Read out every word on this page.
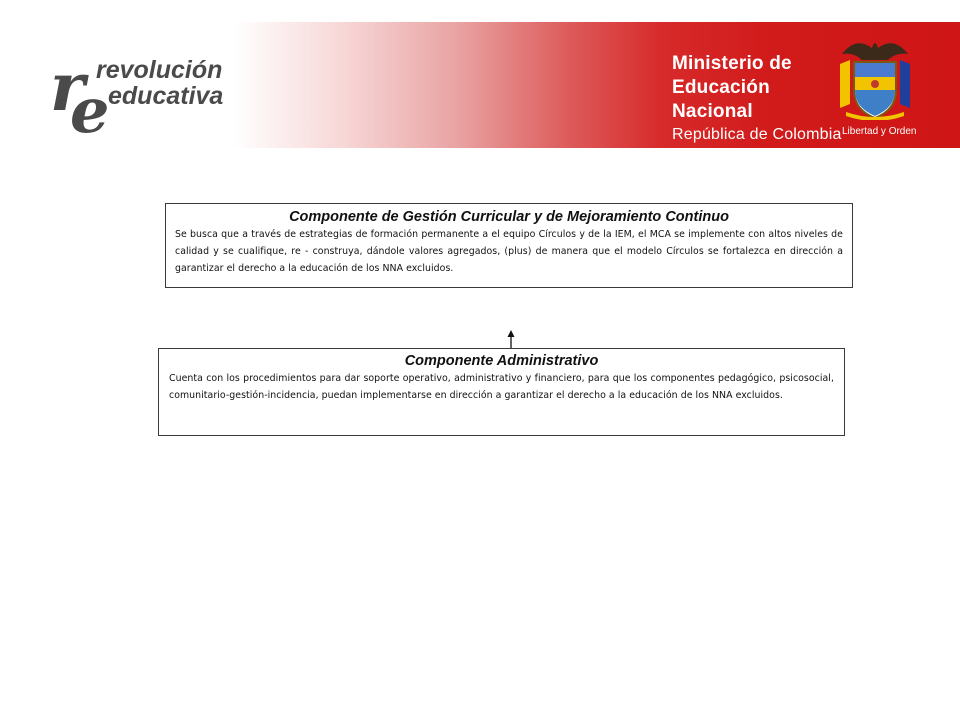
r
e
revolución
educativa
Ministerio de
Educación Nacional
República de Colombia Libertad y Orden
Componente de Gestión Curricular y de Mejoramiento Continuo
Se busca que a través de estrategias de formación permanente a el equipo Círculos y de la IEM, el MCA se implemente con altos niveles de calidad y se cualifique, re - construya, dándole valores agregados, (plus) de manera que el modelo Círculos se fortalezca en dirección a garantizar el derecho a la educación de los NNA excluidos.
Componente Administrativo
Cuenta con los procedimientos para dar soporte operativo, administrativo y financiero, para que los componentes pedagógico, psicosocial, comunitario-gestión-incidencia, puedan implementarse en dirección a garantizar el derecho a la educación de los NNA excluidos.
